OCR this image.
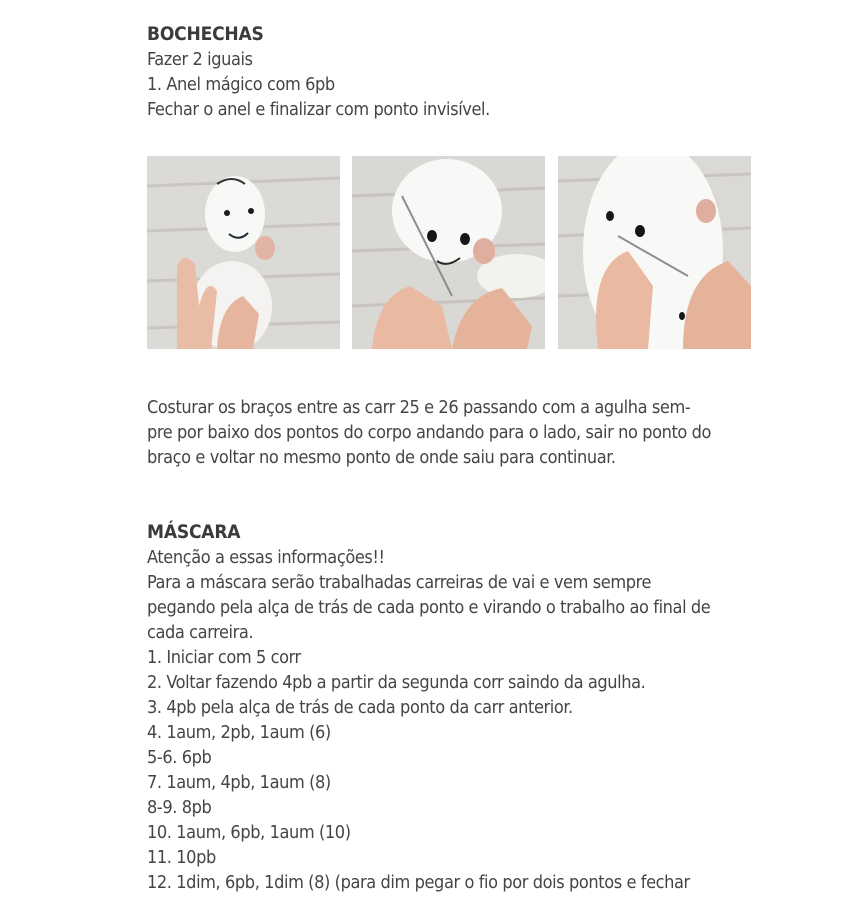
BOCHECHAS
Fazer 2 iguais
1. Anel mágico com 6pb
Fechar o anel e finalizar com ponto invisível.
Costurar os braços entre as carr 25 e 26 passando com a agulha sem-
pre por baixo dos pontos do corpo andando para o lado, sair no ponto do
braço e voltar no mesmo ponto de onde saiu para continuar.
MÁSCARA
Atenção a essas informações!!
Para a máscara serão trabalhadas carreiras de vai e vem sempre
pegando pela alça de trás de cada ponto e virando o trabalho ao final de
cada carreira.
1. Iniciar com 5 corr
2. Voltar fazendo 4pb a partir da segunda corr saindo da agulha.
3. 4pb pela alça de trás de cada ponto da carr anterior.
4. 1aum, 2pb, 1aum (6)
5-6. 6pb
7. 1aum, 4pb, 1aum (8)
8-9. 8pb
10. 1aum, 6pb, 1aum (10)
11. 10pb
12. 1dim, 6pb, 1dim (8) (para dim pegar o fio por dois pontos e fechar
